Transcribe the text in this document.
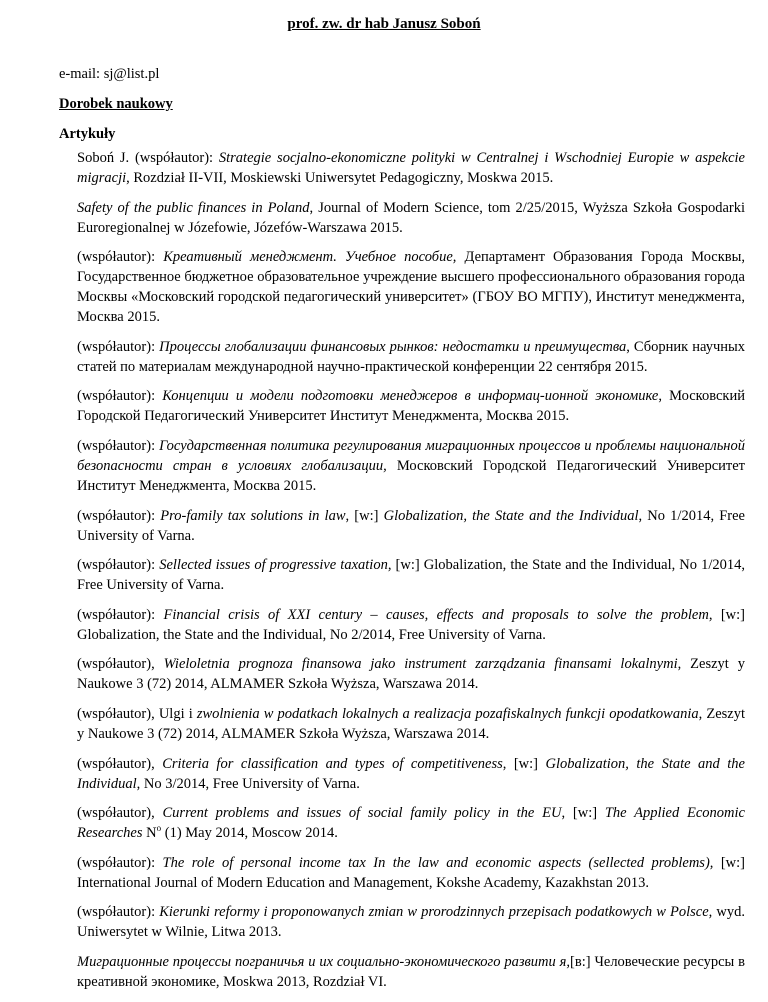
prof. zw. dr hab Janusz Soboń
e-mail: sj@list.pl
Dorobek naukowy
Artykuły

Soboń J. (współautor): Strategie socjalno-ekonomiczne polityki w Centralnej i Wschodniej Europie w aspekcie migracji, Rozdział II-VII, Moskiewski Uniwersytet Pedagogiczny, Moskwa 2015.

Safety of the public finances in Poland, Journal of Modern Science, tom 2/25/2015, Wyższa Szkoła Gospodarki Euroregionalnej w Józefowie, Józefów-Warszawa 2015.

(współautor): Креативный менеджмент. Учебное пособие, Департамент Образования Города Москвы, Государственное бюджетное образовательное учреждение высшего профессионального образования города Москвы «Московский городской педагогический университет» (ГБОУ ВО МГПУ), Институт менеджмента, Москва 2015.

(współautor): Процессы глобализации финансовых рынков: недостатки и преимущества, Сборник научных статей по материалам международной научно-практической конференции 22 сентября 2015.

(współautor): Концепции и модели подготовки менеджеров в информац-ионной экономике, Московский Городской Педагогический Университет Институт Менеджмента, Москва 2015.

(współautor): Государственная политика регулирования миграционных процессов и проблемы национальной безопасности стран в условиях глобализации, Московский Городской Педагогический Университет Институт Менеджмента, Москва 2015.

(współautor): Pro-family tax solutions in law, [w:] Globalization, the State and the Individual, No 1/2014, Free University of Varna.

(współautor): Sellected issues of progressive taxation, [w:] Globalization, the State and the Individual, No 1/2014, Free University of Varna.

(współautor): Financial crisis of XXI century – causes, effects and proposals to solve the problem, [w:] Globalization, the State and the Individual, No 2/2014, Free University of Varna.

(współautor), Wieloletnia prognoza finansowa jako instrument zarządzania finansami lokalnymi, Zeszyt y Naukowe 3 (72) 2014, ALMAMER Szkoła Wyższa, Warszawa 2014.

(współautor), Ulgi i zwolnienia w podatkach lokalnych a realizacja pozafiskalnych funkcji opodatkowania, Zeszyt y Naukowe 3 (72) 2014, ALMAMER Szkoła Wyższa, Warszawa 2014.

(współautor), Criteria for classification and types of competitiveness, [w:] Globalization, the State and the Individual, No 3/2014, Free University of Varna.

(współautor), Current problems and issues of social family policy in the EU, [w:] The Applied Economic Researches $N^o$ (1) May 2014, Moscow 2014.

(współautor): The role of personal income tax In the law and economic aspects (sellected problems), [w:] International Journal of Modern Education and Management, Kokshe Academy, Kazakhstan 2013.

(współautor): Kierunki reformy i proponowanych zmian w prorodzinnych przepisach podatkowych w Polsce, wyd. Uniwersytet w Wilnie, Litwa 2013.

Миграционные процессы пограничья и их социально-экономического развити я,[в:] Человеческие ресурсы в креативной экономике, Moskwa 2013, Rozdział VI.
